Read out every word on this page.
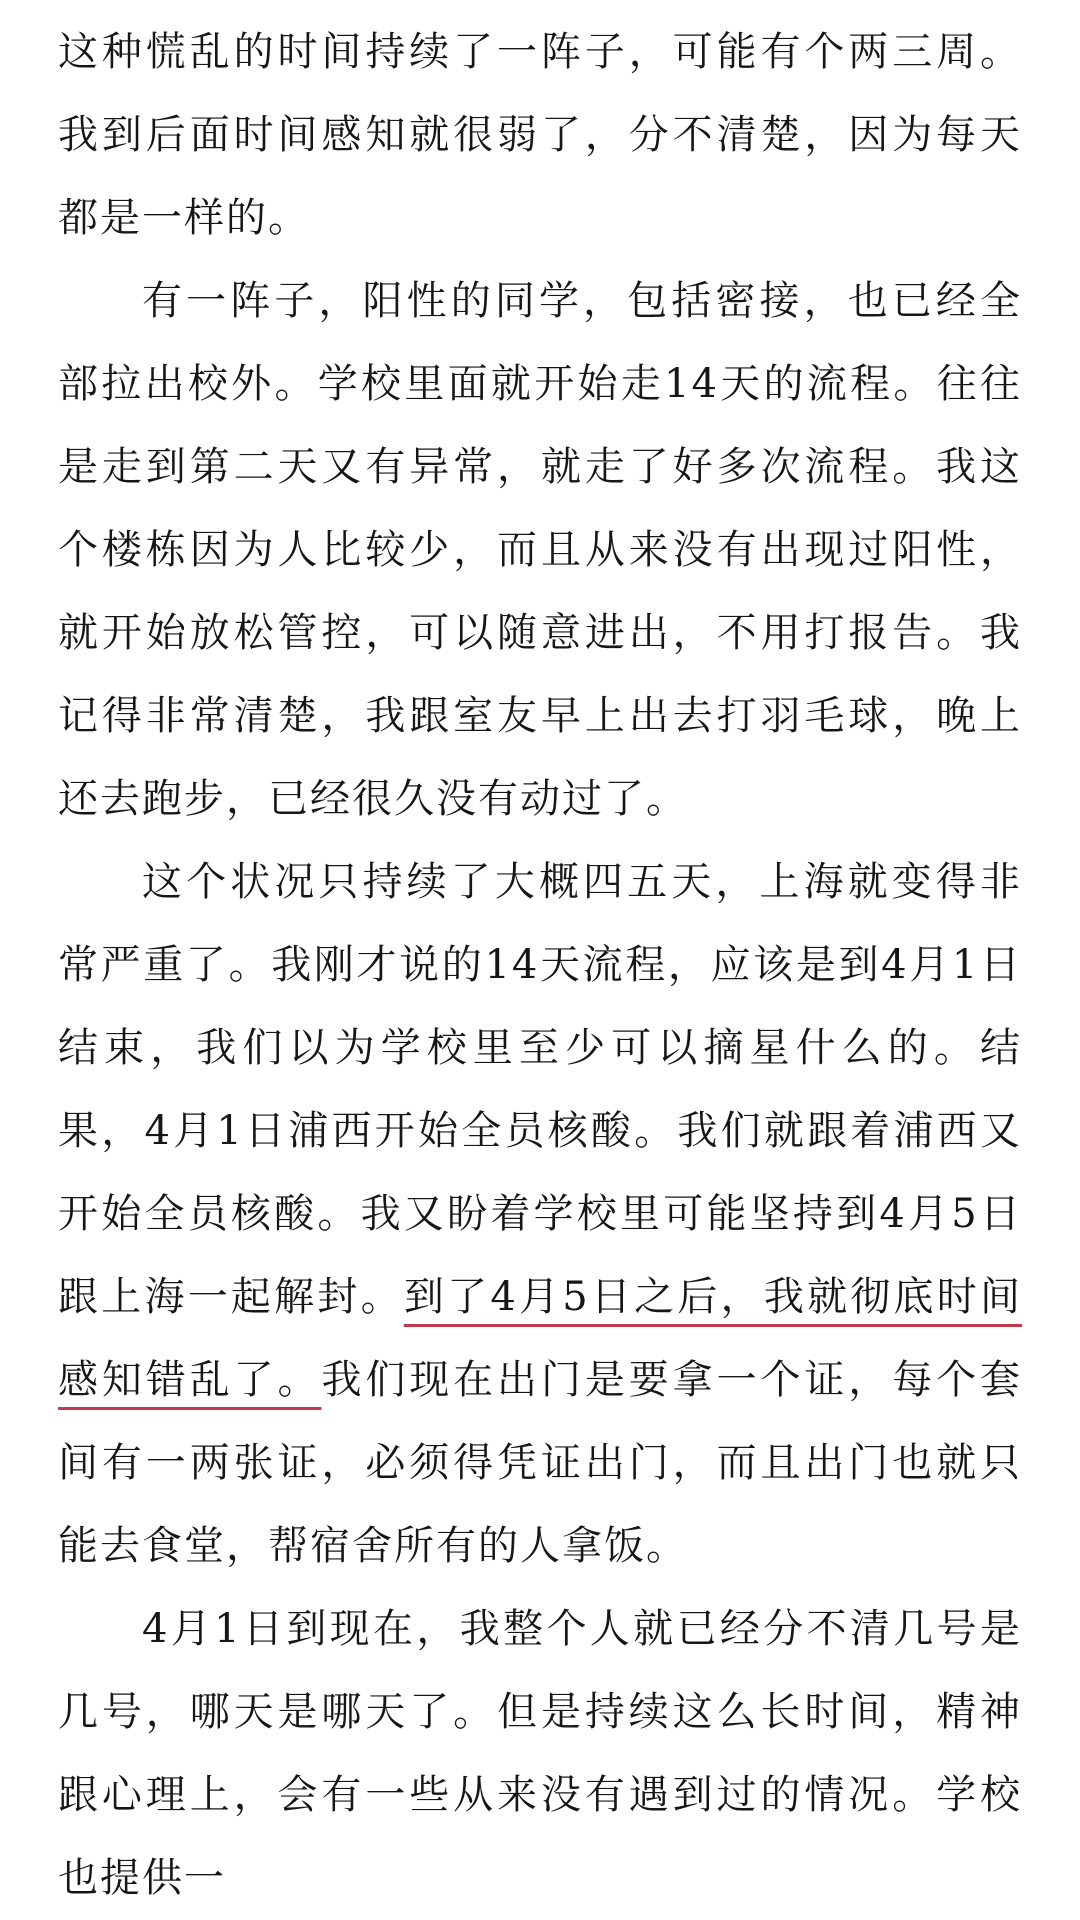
这种慌乱的时间持续了一阵子，可能有个两三周。我到后面时间感知就很弱了，分不清楚，因为每天都是一样的。

有一阵子，阳性的同学，包括密接，也已经全部拉出校外。学校里面就开始走14天的流程。往往是走到第二天又有异常，就走了好多次流程。我这个楼栋因为人比较少，而且从来没有出现过阳性，就开始放松管控，可以随意进出，不用打报告。我记得非常清楚，我跟室友早上出去打羽毛球，晚上还去跑步，已经很久没有动过了。

这个状况只持续了大概四五天，上海就变得非常严重了。我刚才说的14天流程，应该是到4月1日结束，我们以为学校里至少可以摘星什么的。结果，4月1日浦西开始全员核酸。我们就跟着浦西又开始全员核酸。我又盼着学校里可能坚持到4月5日跟上海一起解封。到了4月5日之后，我就彻底时间感知错乱了。我们现在出门是要拿一个证，每个套间有一两张证，必须得凭证出门，而且出门也就只能去食堂，帮宿舍所有的人拿饭。

4月1日到现在，我整个人就已经分不清几号是几号，哪天是哪天了。但是持续这么长时间，精神跟心理上，会有一些从来没有遇到过的情况。学校也提供一
